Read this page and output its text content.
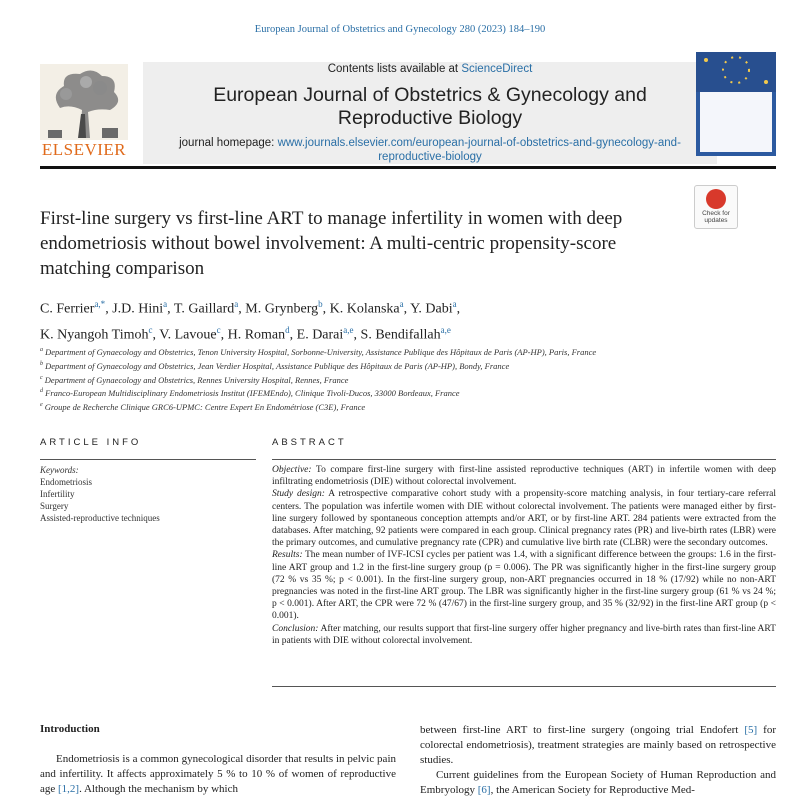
European Journal of Obstetrics and Gynecology 280 (2023) 184–190
ELSEVIER
Contents lists available at ScienceDirect
European Journal of Obstetrics & Gynecology and
Reproductive Biology
journal homepage: www.journals.elsevier.com/european-journal-of-obstetrics-and-gynecology-and-
reproductive-biology
First-line surgery vs first-line ART to manage infertility in women with deep endometriosis without bowel involvement: A multi-centric propensity-score matching comparison
Check for
updates
C. Ferrier$^{a,*}$, J.D. Hini$^a$, T. Gaillard$^a$, M. Grynberg$^b$, K. Kolanska$^a$, Y. Dabi$^a$,
K. Nyangoh Timoh$^c$, V. Lavoue$^c$, H. Roman$^d$, E. Darai$^{a,e}$, S. Bendifallah$^{a,e}$
$^a$ Department of Gynaecology and Obstetrics, Tenon University Hospital, Sorbonne-University, Assistance Publique des Hôpitaux de Paris (AP-HP), Paris, France
$^b$ Department of Gynaecology and Obstetrics, Jean Verdier Hospital, Assistance Publique des Hôpitaux de Paris (AP-HP), Bondy, France
$^c$ Department of Gynaecology and Obstetrics, Rennes University Hospital, Rennes, France
$^d$ Franco-European Multidisciplinary Endometriosis Institut (IFEMEndo), Clinique Tivoli-Ducos, 33000 Bordeaux, France
$^e$ Groupe de Recherche Clinique GRC6-UPMC: Centre Expert En Endométriose (C3E), France
ARTICLE INFO	ABSTRACT
Keywords:
Endometriosis
Infertility
Surgery
Assisted-reproductive techniques

Objective: To compare first-line surgery with first-line assisted reproductive techniques (ART) in infertile women with deep infiltrating endometriosis (DIE) without colorectal involvement.

Study design: A retrospective comparative cohort study with a propensity-score matching analysis, in four tertiary-care referral centers. The population was infertile women with DIE without colorectal involvement. The patients were managed either by first-line surgery followed by spontaneous conception attempts and/or ART, or by first-line ART. 284 patients were extracted from the databases. After matching, 92 patients were compared in each group. Clinical pregnancy rates (PR) and live-birth rates (LBR) were the primary outcomes, and cumulative pregnancy rate (CPR) and cumulative live birth rate (CLBR) were the secondary outcomes.

Results: The mean number of IVF-ICSI cycles per patient was 1.4, with a significant difference between the groups: 1.6 in the first-line ART group and 1.2 in the first-line surgery group (p = 0.006). The PR was significantly higher in the first-line surgery group (72 % vs 35 %; p < 0.001). In the first-line surgery group, non-ART pregnancies occurred in 18 % (17/92) while no non-ART pregnancies was noted in the first-line ART group. The LBR was significantly higher in the first-line surgery group (61 % vs 24 %; p < 0.001). After ART, the CPR were 72 % (47/67) in the first-line surgery group, and 35 % (32/92) in the first-line ART group (p < 0.001).

Conclusion: After matching, our results support that first-line surgery offer higher pregnancy and live-birth rates than first-line ART in patients with DIE without colorectal involvement.

Introduction
Endometriosis is a common gynecological disorder that results in pelvic pain and infertility. It affects approximately 5 % to 10 % of women of reproductive age [1,2]. Although the mechanism by which

between first-line ART to first-line surgery (ongoing trial Endofert [5] for colorectal endometriosis), treatment strategies are mainly based on retrospective studies.

Current guidelines from the European Society of Human Reproduction and Embryology [6], the American Society for Reproductive Med-
